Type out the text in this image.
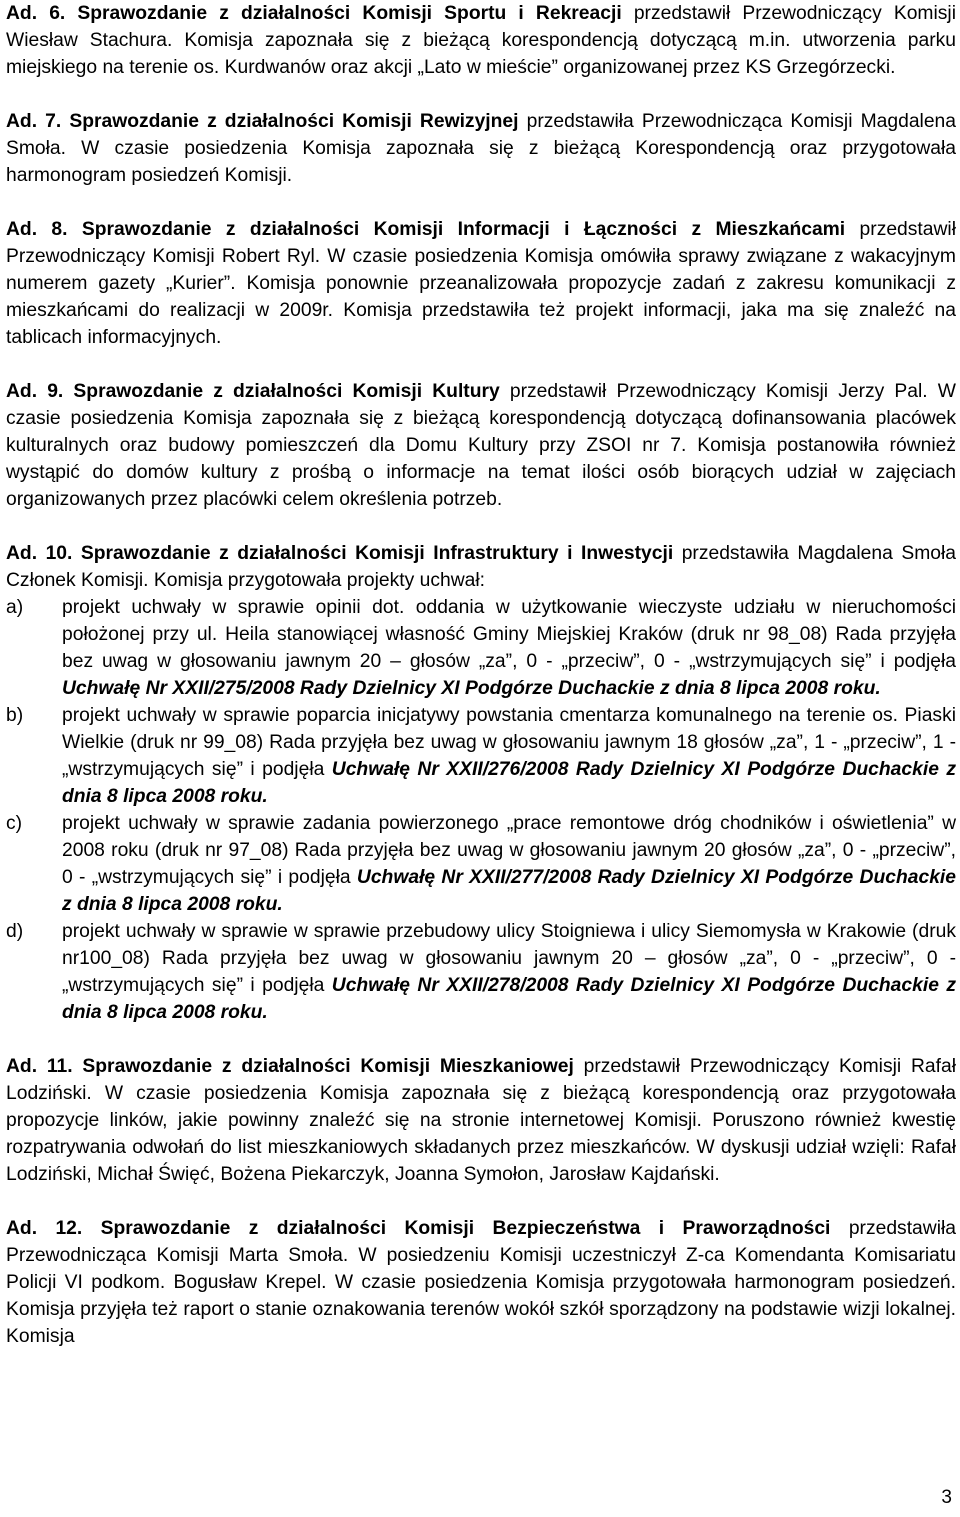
Ad. 6. Sprawozdanie z działalności Komisji Sportu i Rekreacji przedstawił Przewodniczący Komisji Wiesław Stachura. Komisja zapoznała się z bieżącą korespondencją dotyczącą m.in. utworzenia parku miejskiego na terenie os. Kurdwanów oraz akcji „Lato w mieście” organizowanej przez KS Grzegórzecki.

Ad. 7. Sprawozdanie z działalności Komisji Rewizyjnej przedstawiła Przewodnicząca Komisji Magdalena Smoła. W czasie posiedzenia Komisja zapoznała się z bieżącą Korespondencją oraz przygotowała harmonogram posiedzeń Komisji.

Ad. 8. Sprawozdanie z działalności Komisji Informacji i Łączności z Mieszkańcami przedstawił Przewodniczący Komisji Robert Ryl. W czasie posiedzenia Komisja omówiła sprawy związane z wakacyjnym numerem gazety „Kurier”. Komisja ponownie przeanalizowała propozycje zadań z zakresu komunikacji z mieszkańcami do realizacji w 2009r. Komisja przedstawiła też projekt informacji, jaka ma się znaleźć na tablicach informacyjnych.

Ad. 9. Sprawozdanie z działalności Komisji Kultury przedstawił Przewodniczący Komisji Jerzy Pal. W czasie posiedzenia Komisja zapoznała się z bieżącą korespondencją dotyczącą dofinansowania placówek kulturalnych oraz budowy pomieszczeń dla Domu Kultury przy ZSOI nr 7. Komisja postanowiła również wystąpić do domów kultury z prośbą o informacje na temat ilości osób biorących udział w zajęciach organizowanych przez placówki celem określenia potrzeb.

Ad. 10. Sprawozdanie z działalności Komisji Infrastruktury i Inwestycji przedstawiła Magdalena Smoła Członek Komisji. Komisja przygotowała projekty uchwał:

a)	projekt uchwały w sprawie opinii dot. oddania w użytkowanie wieczyste udziału w nieruchomości położonej przy ul. Heila stanowiącej własność Gminy Miejskiej Kraków (druk nr 98_08) Rada przyjęła bez uwag w głosowaniu jawnym 20 – głosów „za”, 0 - „przeciw”, 0 - „wstrzymujących się” i podjęła Uchwałę Nr XXII/275/2008 Rady Dzielnicy XI Podgórze Duchackie z dnia 8 lipca 2008 roku.
b)	projekt uchwały w sprawie poparcia inicjatywy powstania cmentarza komunalnego na terenie os. Piaski Wielkie (druk nr 99_08) Rada przyjęła bez uwag w głosowaniu jawnym 18 głosów „za”, 1 - „przeciw”, 1 - „wstrzymujących się” i podjęła Uchwałę Nr XXII/276/2008 Rady Dzielnicy XI Podgórze Duchackie z dnia 8 lipca 2008 roku.
c)	projekt uchwały w sprawie zadania powierzonego „prace remontowe dróg chodników i oświetlenia” w 2008 roku (druk nr 97_08) Rada przyjęła bez uwag w głosowaniu jawnym 20 głosów „za”, 0 - „przeciw”, 0 - „wstrzymujących się” i podjęła Uchwałę Nr XXII/277/2008 Rady Dzielnicy XI Podgórze Duchackie z dnia 8 lipca 2008 roku.
d)	projekt uchwały w sprawie w sprawie przebudowy ulicy Stoigniewa i ulicy Siemomysła w Krakowie (druk nr100_08) Rada przyjęła bez uwag w głosowaniu jawnym 20 – głosów „za”, 0 - „przeciw”, 0 - „wstrzymujących się” i podjęła Uchwałę Nr XXII/278/2008 Rady Dzielnicy XI Podgórze Duchackie z dnia 8 lipca 2008 roku.

Ad. 11. Sprawozdanie z działalności Komisji Mieszkaniowej przedstawił Przewodniczący Komisji Rafał Lodziński. W czasie posiedzenia Komisja zapoznała się z bieżącą korespondencją oraz przygotowała propozycje linków, jakie powinny znaleźć się na stronie internetowej Komisji. Poruszono również kwestię rozpatrywania odwołań do list mieszkaniowych składanych przez mieszkańców. W dyskusji udział wzięli: Rafał Lodziński, Michał Święć, Bożena Piekarczyk, Joanna Symołon, Jarosław Kajdański.

Ad. 12. Sprawozdanie z działalności Komisji Bezpieczeństwa i Praworządności przedstawiła Przewodnicząca Komisji Marta Smoła. W posiedzeniu Komisji uczestniczył Z-ca Komendanta Komisariatu Policji VI podkom. Bogusław Krepel. W czasie posiedzenia Komisja przygotowała harmonogram posiedzeń. Komisja przyjęła też raport o stanie oznakowania terenów wokół szkół sporządzony na podstawie wizji lokalnej. Komisja

3
